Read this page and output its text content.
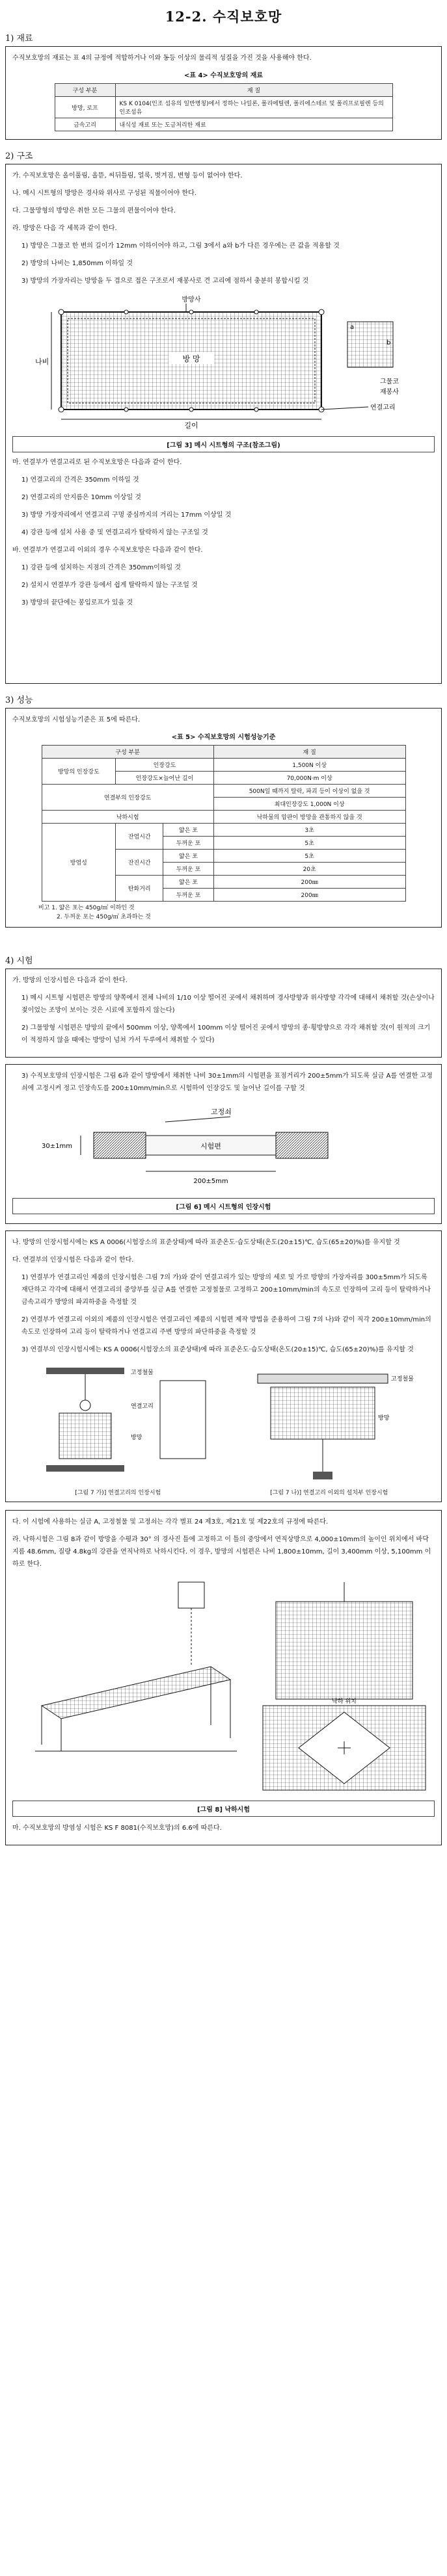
12-2. 수직보호망
1) 재료

수직보호망의 재료는 표 4의 규정에 적합하거나 이와 동등 이상의 물리적 성질을 가진 것을 사용해야 한다.

<표 4> 수직보호망의 재료
구성 부분	재 질
방망, 로프	KS K 0104(인조 섬유의 일반명칭)에서 정하는 나일론, 폴리에틸렌, 폴리에스테르 및 폴리프로필렌 등의 인조섬유
금속고리	내식성 재료 또는 도금처리한 재료
2) 구조

가. 수직보호망은 올이풀림, 올뜯, 씨뒤틀림, 얼룩, 벗겨짐, 변형 등이 없어야 한다.

나. 메시 시트형의 방망은 경사와 위사로 구성된 직물이어야 한다.

다. 그물망형의 방망은 취한 모든 그물의 편물이어야 한다.

라. 방망은 다음 각 세목과 같이 한다.

1) 방망은 그물코 한 변의 길이가 12mm 이하이어야 하고, 그림 3에서 a와 b가 다른 경우에는 큰 값을 적용할 것

2) 방망의 나비는 1,850mm 이하일 것

3) 방망의 가장자리는 방망을 두 겹으로 접은 구조로서 재봉사로 견 고리에 점하서 충분히 봉합시킬 것

방 망
방망사
나비
길이
a
b
그물코
재봉사
연결고리
[그림 3] 메시 시트형의 구조(참조그림)

마. 연결부가 연결고리로 된 수직보호망은 다음과 같이 한다.

1) 연결고리의 간격은 350mm 이하일 것

2) 연결고리의 안지름은 10mm 이상일 것

3) 방망 가장자리에서 연결고리 구멍 중심까지의 거리는 17mm 이상일 것

4) 강관 등에 설치 사용 중 및 연결고리가 탈락하지 않는 구조일 것

바. 연결부가 연결고리 이외의 경우 수직보호망은 다음과 같이 한다.

1) 강관 등에 설치하는 지점의 간격은 350mm이하일 것

2) 설치시 연결부가 강관 등에서 쉽게 탈락하지 않는 구조일 것

3) 방망의 끝단에는 봉입로프가 있을 것

3) 성능

수직보호망의 시험성능기준은 표 5에 따른다.

<표 5> 수직보호망의 시험성능기준
구성 부분			재 질
방망의 인장강도	인장강도		1,500N 이상
	인장강도×늘어난 길이		70,000N·m 이상
연결부의 인장강도			500N일 때까지 탈락, 파괴 등이 이상이 없을 것
			최대인장강도 1,000N 이상
낙하시험			낙하물의 압판이 방망을 관통하지 않을 것
방염성	잔염시간	얇은 포	3초
		두꺼운 포	5초
	잔진시간	얇은 포	5초
		두꺼운 포	20초
	탄화거리	얇은 포	200㎜
		두꺼운 포	200㎜
비고 1. 얇은 포는 450g/㎡ 이하인 것
2. 두꺼운 포는 450g/㎡ 초과하는 것
4) 시험

가. 방망의 인장시험은 다음과 같이 한다.

1) 메시 시트형 시험편은 방망의 양쪽에서 전체 나비의 1/10 이상 떨어진 곳에서 채취하며 경사방향과 위사방향 각각에 대해서 채취할 것(손상이나 젖이었는 조망이 보이는 것은 시료에 포함하지 않는다)

2) 그물망형 시험편은 방망의 끝에서 500mm 이상, 양쪽에서 100mm 이상 떨어진 곳에서 방망의 종·횡방향으로 각각 채취할 것(이 원적의 크기이 적정하지 않을 때에는 방망이 넘쳐 가서 두루에서 채취할 수 있다)

3) 수직보호망의 인장시험은 그림 6과 같이 방망에서 채취한 나비 30±1mm의 시험편을 표점거리가 200±5mm가 되도록 실금 A를 연결한 고정쇠에 고정시켜 정고 인장속도를 200±10mm/min으로 시험하여 인장강도 및 늘어난 길이를 구할 것

고정쇠
시험편
30±1mm
200±5mm
[그림 6] 메시 시트형의 인장시험

나. 방망의 인장시험시에는 KS A 0006(시험장소의 표준상태)에 따라 표준온도·습도상태(온도(20±15)℃, 습도(65±20)%)를 유지할 것

다. 연결부의 인장시험은 다음과 같이 한다.

1) 연결부가 연결고리인 제품의 인장시험은 그림 7의 가)와 같이 연결고리가 있는 방망의 세로 및 가로 방향의 가장자리를 300±5mm가 되도록 재단하고 각각에 대해서 연결고리의 중앙부를 실금 A를 연결한 고정철물로 고정하고 200±10mm/min의 속도로 인장하여 고리 등이 탈락하거나 금속고리가 방망의 파괴하중을 측정할 것

2) 연결부가 연결고리 이외의 제품의 인장시험은 연결고리인 제품의 시험편 제작 방법을 준용하여 그림 7의 나)와 같이 직각 200±10mm/min의 속도로 인장하여 고리 등이 탈락하거나 연결고리 주변 방망의 파단하중을 측정할 것

3) 연결부의 인장시험시에는 KS A 0006(시험장소의 표준상태)에 따라 표준온도·습도상태(온도(20±15)℃, 습도(65±20)%)를 유지할 것

고정철물
연결고리
방망
고정철물
방망
[그림 7 가)] 연결고리의 인장시험	[그림 7 나)] 연결고리 이외의 설치부 인장시험

다. 이 시험에 사용하는 실금 A, 고정철물 및 고정쇠는 각각 별표 24 제3호, 제21호 및 제22호의 규정에 따른다.

라. 낙하시험은 그림 8과 같이 방망을 수평과 30° 의 경사진 틀에 고정하고 이 틀의 중앙에서 연직상방으로 4,000±10mm의 높이인 위치에서 바닥지름 48.6mm, 질량 4.8kg의 강관을 연직낙하로 낙하시킨다. 이 경우, 방망의 시험편은 나비 1,800±10mm, 길이 3,400mm 이상, 5,100mm 이하로 한다.

낙하 위치
[그림 8] 낙하시험

마. 수직보호망의 방염성 시험은 KS F 8081(수직보호망)의 6.6에 따른다.
